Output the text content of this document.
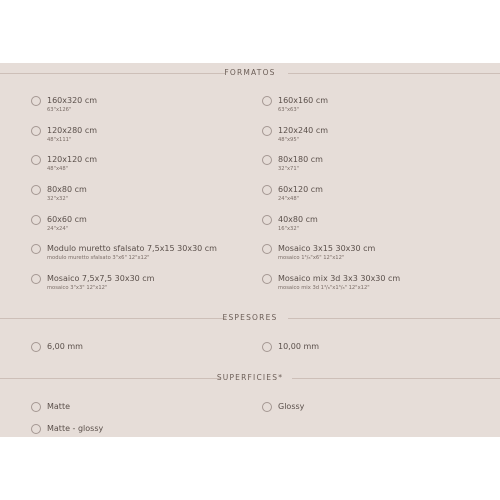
FORMATOS
160x320 cm
63"x126"
160x160 cm
63"x63"
120x280 cm
48"x111"
120x240 cm
48"x95"
120x120 cm
48"x48"
80x180 cm
32"x71"
80x80 cm
32"x32"
60x120 cm
24"x48"
60x60 cm
24"x24"
40x80 cm
16"x32"
Modulo muretto sfalsato 7,5x15 30x30 cm
modulo muretto sfalsato 3"x6" 12"x12"
Mosaico 3x15 30x30 cm
mosaico 1³/₈"x6" 12"x12"
Mosaico 7,5x7,5 30x30 cm
mosaico 3"x3" 12"x12"
Mosaico mix 3d 3x3 30x30 cm
mosaico mix 3d 1³/₈"x1³/₈" 12"x12"
ESPESORES
6,00 mm	10,00 mm
SUPERFICIES*
Matte	Glossy
Matte - glossy
